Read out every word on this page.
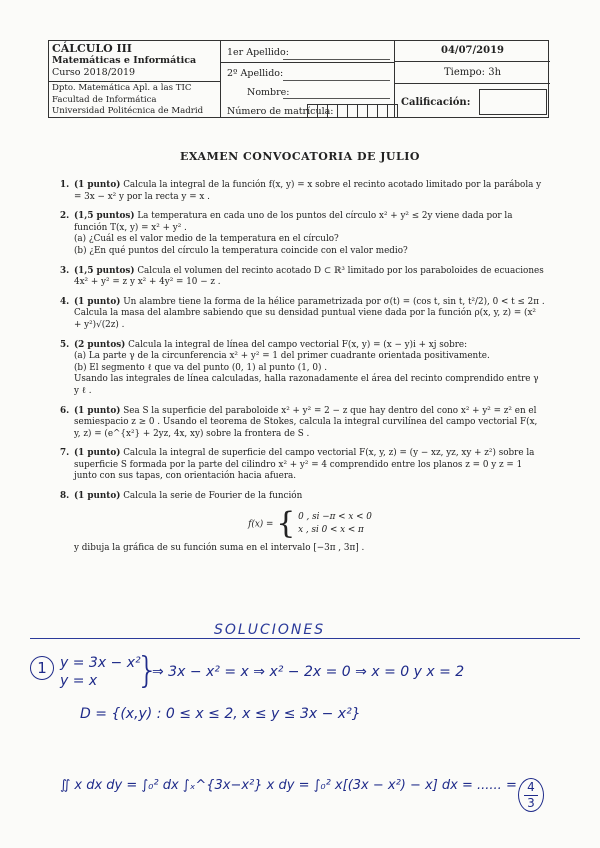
CÁLCULO III
Matemáticas e Informática
Curso 2018/2019
Dpto. Matemática Apl. a las TIC
Facultad de Informática
Universidad Politécnica de Madrid
1er Apellido:
2º Apellido:
Nombre:
Número de matrícula:
04/07/2019
Tiempo: 3h
Calificación:
EXAMEN CONVOCATORIA DE JULIO
1. (1 punto) Calcula la integral de la función f(x, y) = x sobre el recinto acotado limitado por la parábola y = 3x − x² y por la recta y = x .

2. (1,5 puntos) La temperatura en cada uno de los puntos del círculo x² + y² ≤ 2y viene dada por la función T(x, y) = x² + y² .

(a) ¿Cuál es el valor medio de la temperatura en el círculo?

(b) ¿En qué puntos del círculo la temperatura coincide con el valor medio?

3. (1,5 puntos) Calcula el volumen del recinto acotado D ⊂ ℝ³ limitado por los paraboloides de ecuaciones 4x² + y² = z y x² + 4y² = 10 − z .

4. (1 punto) Un alambre tiene la forma de la hélice parametrizada por σ(t) = (cos t, sin t, t²/2), 0 < t ≤ 2π . Calcula la masa del alambre sabiendo que su densidad puntual viene dada por la función ρ(x, y, z) = (x² + y²)√(2z) .

5. (2 puntos) Calcula la integral de línea del campo vectorial F(x, y) = (x − y)i + xj sobre:

(a) La parte γ de la circunferencia x² + y² = 1 del primer cuadrante orientada positivamente.

(b) El segmento ℓ que va del punto (0, 1) al punto (1, 0) .

Usando las integrales de línea calculadas, halla razonadamente el área del recinto comprendido entre γ y ℓ .

6. (1 punto) Sea S la superficie del paraboloide x² + y² = 2 − z que hay dentro del cono x² + y² = z² en el semiespacio z ≥ 0 . Usando el teorema de Stokes, calcula la integral curvilínea del campo vectorial F(x, y, z) = (e^{x²} + 2yz, 4x, xy) sobre la frontera de S .

7. (1 punto) Calcula la integral de superficie del campo vectorial F(x, y, z) = (y − xz, yz, xy + z²) sobre la superficie S formada por la parte del cilindro x² + y² = 4 comprendido entre los planos z = 0 y z = 1 junto con sus tapas, con orientación hacia afuera.

8. (1 punto) Calcula la serie de Fourier de la función

f(x) = { 0 , si −π < x < 0
x , si 0 < x < π

y dibuja la gráfica de su función suma en el intervalo [−3π , 3π] .

SOLUCIONES
1 y = 3x − x²
y = x	}
⇒ 3x − x² = x ⇒ x² − 2x = 0 ⇒ x = 0 y x = 2
D = {(x,y) : 0 ≤ x ≤ 2, x ≤ y ≤ 3x − x²}
∬ x dx dy = ∫₀² dx ∫ₓ^{3x−x²} x dy = ∫₀² x[(3x − x²) − x] dx = ...... = 4
3
